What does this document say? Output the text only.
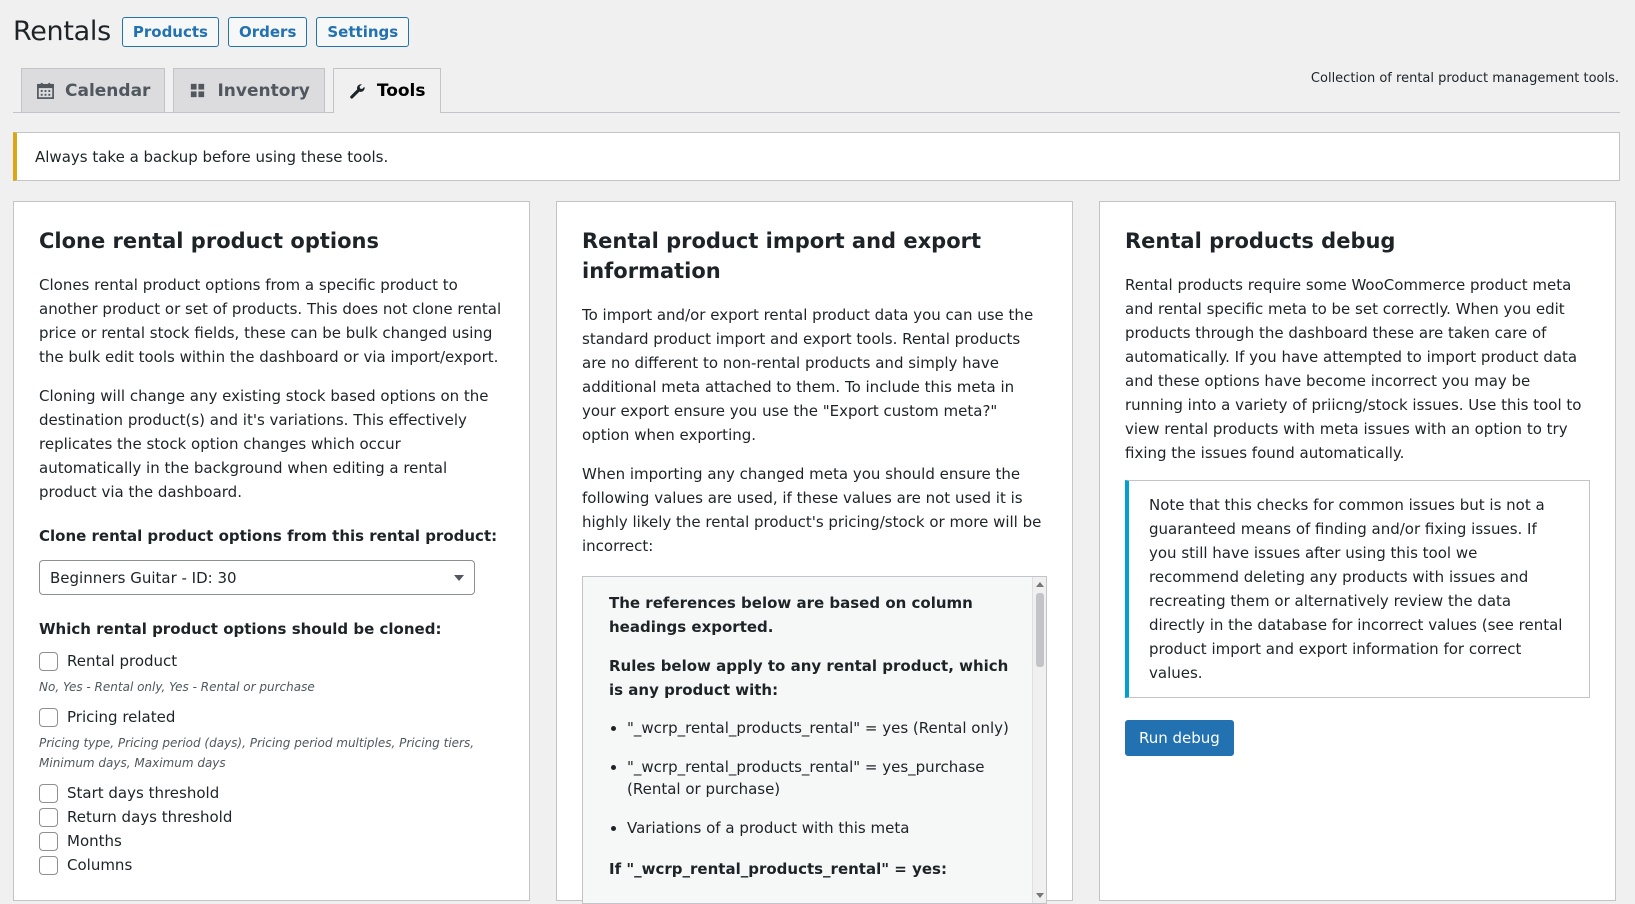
Rentals	Products	Orders	Settings
Calendar	Inventory	Tools
Collection of rental product management tools.
Always take a backup before using these tools.
Clone rental product options

Clones rental product options from a specific product to another product or set of products. This does not clone rental price or rental stock fields, these can be bulk changed using the bulk edit tools within the dashboard or via import/export.

Cloning will change any existing stock based options on the destination product(s) and it's variations. This effectively replicates the stock option changes which occur automatically in the background when editing a rental product via the dashboard.

Clone rental product options from this rental product:
Beginners Guitar - ID: 30
Which rental product options should be cloned:
Rental product
No, Yes - Rental only, Yes - Rental or purchase
Pricing related
Pricing type, Pricing period (days), Pricing period multiples, Pricing tiers, Minimum days, Maximum days
Start days threshold
Return days threshold
Months
Columns
Rental product import and export information

To import and/or export rental product data you can use the standard product import and export tools. Rental products are no different to non-rental products and simply have additional meta attached to them. To include this meta in your export ensure you use the "Export custom meta?" option when exporting.

When importing any changed meta you should ensure the following values are used, if these values are not used it is highly likely the rental product's pricing/stock or more will be incorrect:

The references below are based on column headings exported.

Rules below apply to any rental product, which is any product with:

• "_wcrp_rental_products_rental" = yes (Rental only)
• "_wcrp_rental_products_rental" = yes_purchase (Rental or purchase)
• Variations of a product with this meta

If "_wcrp_rental_products_rental" = yes:

Rental products debug

Rental products require some WooCommerce product meta and rental specific meta to be set correctly. When you edit products through the dashboard these are taken care of automatically. If you have attempted to import product data and these options have become incorrect you may be running into a variety of priicng/stock issues. Use this tool to view rental products with meta issues with an option to try fixing the issues found automatically.

Note that this checks for common issues but is not a guaranteed means of finding and/or fixing issues. If you still have issues after using this tool we recommend deleting any products with issues and recreating them or alternatively review the data directly in the database for incorrect values (see rental product import and export information for correct values.
Run debug
